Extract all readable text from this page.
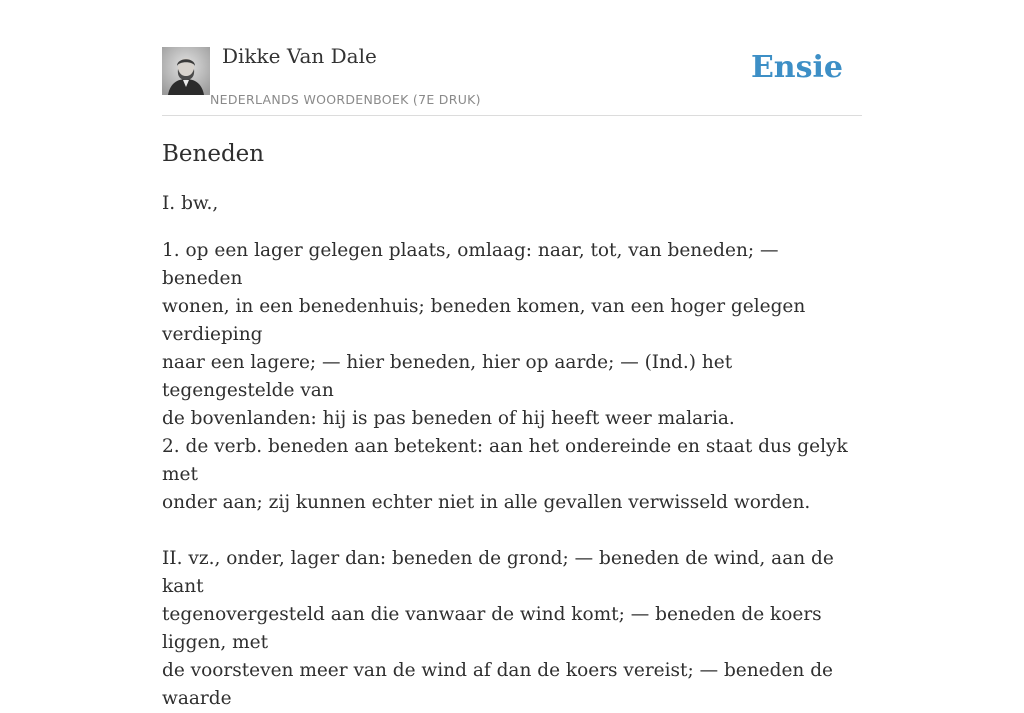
Dikke Van Dale
NEDERLANDS WOORDENBOEK (7E DRUK)
Ensie
Beneden

I. bw.,

1. op een lager gelegen plaats, omlaag: naar, tot, van beneden; — beneden
wonen, in een benedenhuis; beneden komen, van een hoger gelegen verdieping
naar een lagere; — hier beneden, hier op aarde; — (Ind.) het tegengestelde van
de bovenlanden: hij is pas beneden of hij heeft weer malaria.
2. de verb. beneden aan betekent: aan het ondereinde en staat dus gelyk met
onder aan; zij kunnen echter niet in alle gevallen verwisseld worden.
II. vz., onder, lager dan: beneden de grond; — beneden de wind, aan de kant
tegenovergesteld aan die vanwaar de wind komt; — beneden de koers liggen, met
de voorsteven meer van de wind af dan de koers vereist; — beneden de waarde
